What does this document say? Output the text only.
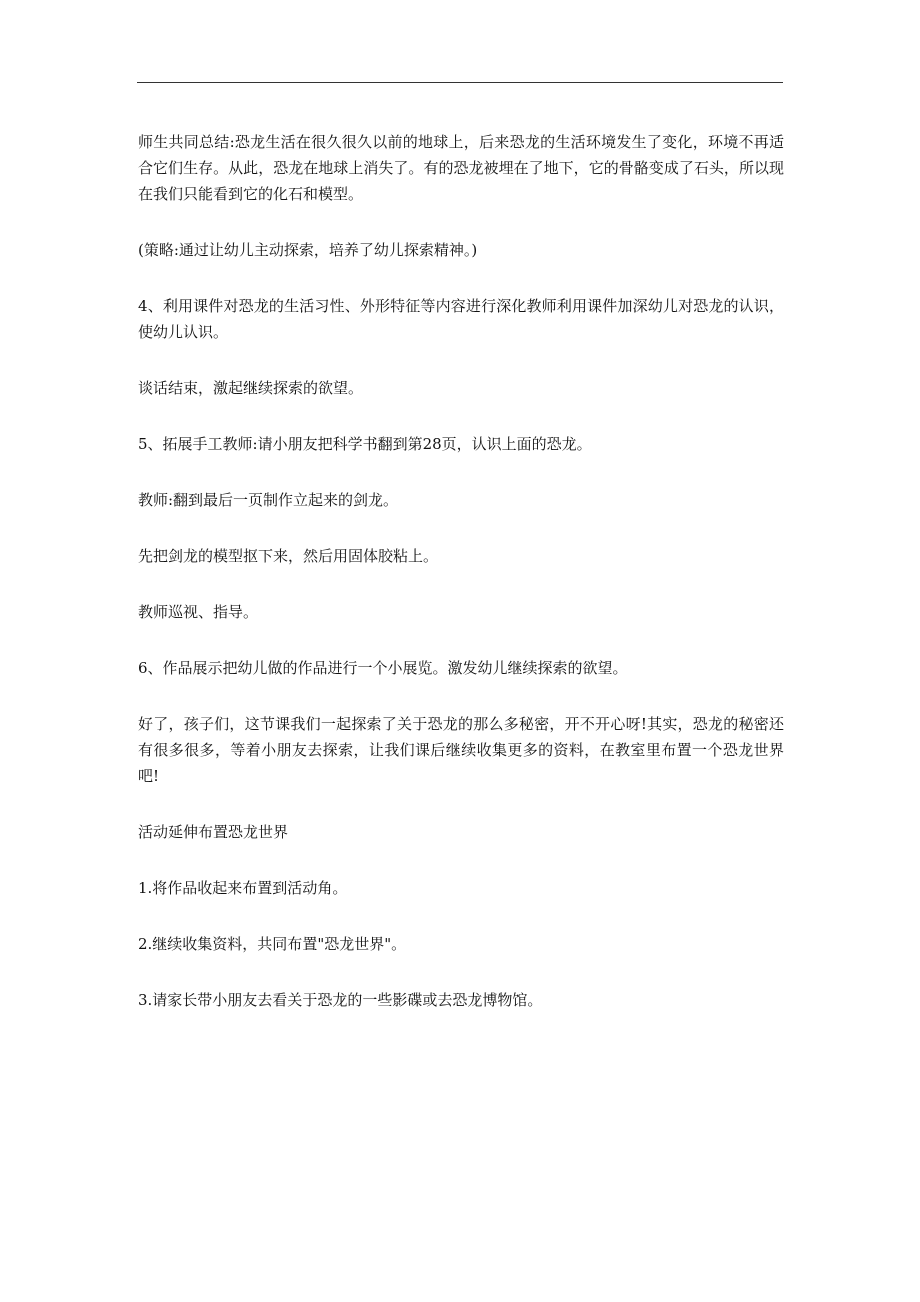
师生共同总结:恐龙生活在很久很久以前的地球上，后来恐龙的生活环境发生了变化，环境不再适合它们生存。从此，恐龙在地球上消失了。有的恐龙被埋在了地下，它的骨骼变成了石头，所以现在我们只能看到它的化石和模型。

(策略:通过让幼儿主动探索，培养了幼儿探索精神。)

4、利用课件对恐龙的生活习性、外形特征等内容进行深化教师利用课件加深幼儿对恐龙的认识，使幼儿认识。

谈话结束，激起继续探索的欲望。

5、拓展手工教师:请小朋友把科学书翻到第28页，认识上面的恐龙。

教师:翻到最后一页制作立起来的剑龙。

先把剑龙的模型抠下来，然后用固体胶粘上。

教师巡视、指导。

6、作品展示把幼儿做的作品进行一个小展览。激发幼儿继续探索的欲望。

好了，孩子们，这节课我们一起探索了关于恐龙的那么多秘密，开不开心呀!其实，恐龙的秘密还有很多很多，等着小朋友去探索，让我们课后继续收集更多的资料，在教室里布置一个恐龙世界吧!

活动延伸布置恐龙世界

1.将作品收起来布置到活动角。

2.继续收集资料，共同布置"恐龙世界"。

3.请家长带小朋友去看关于恐龙的一些影碟或去恐龙博物馆。
